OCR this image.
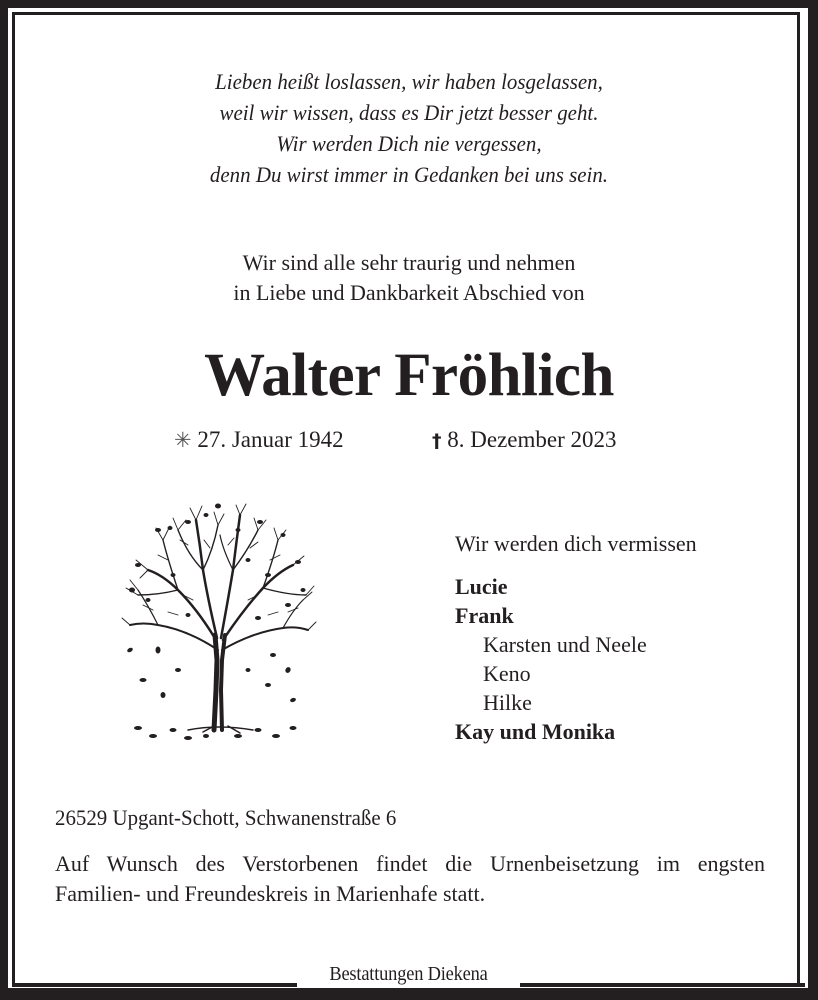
Lieben heißt loslassen, wir haben losgelassen,
weil wir wissen, dass es Dir jetzt besser geht.
Wir werden Dich nie vergessen,
denn Du wirst immer in Gedanken bei uns sein.
Wir sind alle sehr traurig und nehmen
in Liebe und Dankbarkeit Abschied von
Walter Fröhlich
✳ 27. Januar 1942	† 8. Dezember 2023
Wir werden dich vermissen
Lucie
Frank
Karsten und Neele
Keno
Hilke
Kay und Monika
26529 Upgant-Schott, Schwanenstraße 6
Auf Wunsch des Verstorbenen findet die Urnenbeisetzung im engsten
Familien- und Freundeskreis in Marienhafe statt.
Bestattungen Diekena
